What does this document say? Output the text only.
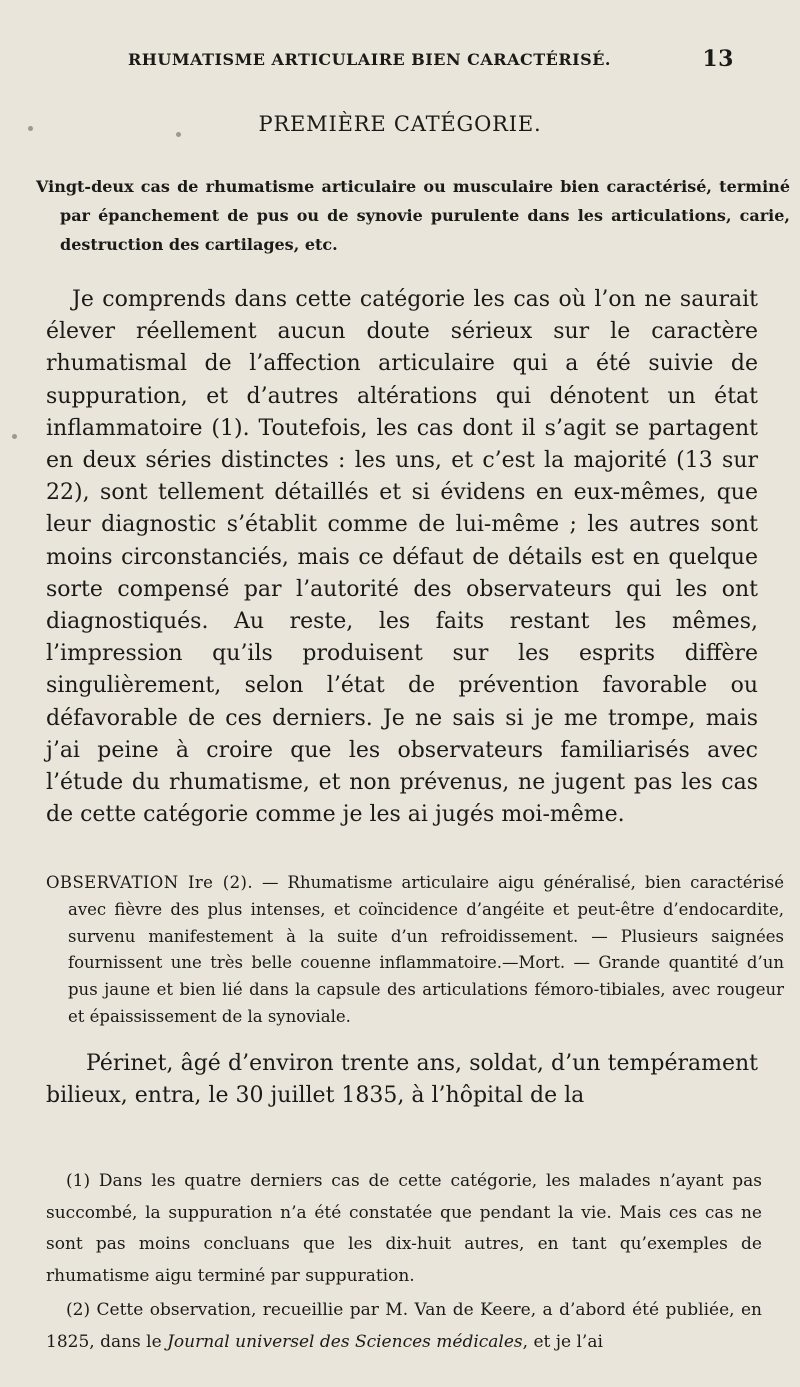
RHUMATISME ARTICULAIRE BIEN CARACTÉRISÉ.	13
PREMIÈRE CATÉGORIE.
Vingt-deux cas de rhumatisme articulaire ou musculaire bien caractérisé, terminé par épanchement de pus ou de synovie purulente dans les articulations, carie, destruction des cartilages, etc.

Je comprends dans cette catégorie les cas où l’on ne saurait élever réellement aucun doute sérieux sur le caractère rhumatismal de l’affection articulaire qui a été suivie de suppuration, et d’autres altérations qui dénotent un état inflammatoire (1). Toutefois, les cas dont il s’agit se partagent en deux séries distinctes : les uns, et c’est la majorité (13 sur 22), sont tellement détaillés et si évidens en eux-mêmes, que leur diagnostic s’établit comme de lui-même ; les autres sont moins circonstanciés, mais ce défaut de détails est en quelque sorte compensé par l’autorité des observateurs qui les ont diagnostiqués. Au reste, les faits restant les mêmes, l’impression qu’ils produisent sur les esprits diffère singulièrement, selon l’état de prévention favorable ou défavorable de ces derniers. Je ne sais si je me trompe, mais j’ai peine à croire que les observateurs familiarisés avec l’étude du rhumatisme, et non prévenus, ne jugent pas les cas de cette catégorie comme je les ai jugés moi-même.

OBSERVATION Ire (2). — Rhumatisme articulaire aigu généralisé, bien caractérisé avec fièvre des plus intenses, et coïncidence d’angéite et peut-être d’endocardite, survenu manifestement à la suite d’un refroidissement. — Plusieurs saignées fournissent une très belle couenne inflammatoire.—Mort. — Grande quantité d’un pus jaune et bien lié dans la capsule des articulations fémoro-tibiales, avec rougeur et épaississement de la synoviale.

Périnet, âgé d’environ trente ans, soldat, d’un tempérament bilieux, entra, le 30 juillet 1835, à l’hôpital de la

(1) Dans les quatre derniers cas de cette catégorie, les malades n’ayant pas succombé, la suppuration n’a été constatée que pendant la vie. Mais ces cas ne sont pas moins concluans que les dix-huit autres, en tant qu’exemples de rhumatisme aigu terminé par suppuration.

(2) Cette observation, recueillie par M. Van de Keere, a d’abord été publiée, en 1825, dans le Journal universel des Sciences médicales, et je l’ai
